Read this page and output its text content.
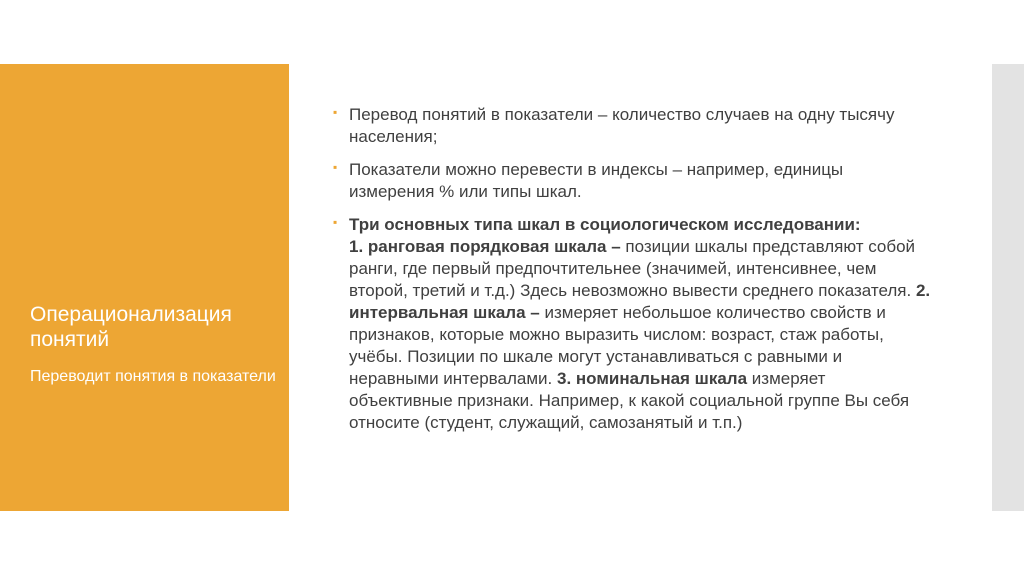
Операционализация понятий
Переводит понятия в показатели
▪ Перевод понятий в показатели – количество случаев на одну тысячу населения;
▪ Показатели можно перевести в индексы – например, единицы измерения % или типы шкал.
▪ Три основных типа шкал в социологическом исследовании:
1. ранговая порядковая шкала – позиции шкалы представляют собой ранги, где первый предпочтительнее (значимей, интенсивнее, чем второй, третий и т.д.) Здесь невозможно вывести среднего показателя. 2. интервальная шкала – измеряет небольшое количество свойств и признаков, которые можно выразить числом: возраст, стаж работы, учёбы. Позиции по шкале могут устанавливаться с равными и неравными интервалами. 3. номинальная шкала измеряет объективные признаки. Например, к какой социальной группе Вы себя относите (студент, служащий, самозанятый и т.п.)
